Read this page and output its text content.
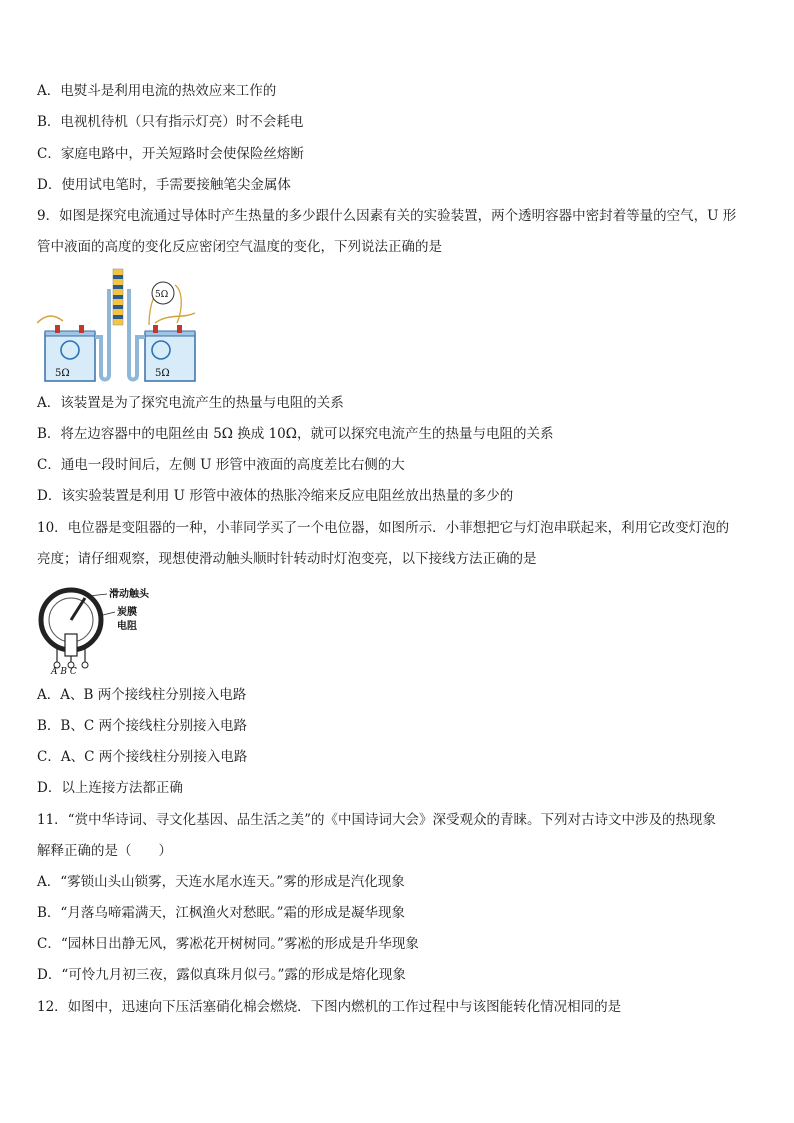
A．电熨斗是利用电流的热效应来工作的
B．电视机待机（只有指示灯亮）时不会耗电
C．家庭电路中，开关短路时会使保险丝熔断
D．使用试电笔时，手需要接触笔尖金属体
9．如图是探究电流通过导体时产生热量的多少跟什么因素有关的实验装置，两个透明容器中密封着等量的空气，U 形
管中液面的高度的变化反应密闭空气温度的变化，下列说法正确的是
5Ω	5Ω
5Ω
A．该装置是为了探究电流产生的热量与电阻的关系
B．将左边容器中的电阻丝由 5Ω 换成 10Ω，就可以探究电流产生的热量与电阻的关系
C．通电一段时间后，左侧 U 形管中液面的高度差比右侧的大
D．该实验装置是利用 U 形管中液体的热胀冷缩来反应电阻丝放出热量的多少的
10．电位器是变阻器的一种，小菲同学买了一个电位器，如图所示．小菲想把它与灯泡串联起来，利用它改变灯泡的
亮度；请仔细观察，现想使滑动触头顺时针转动时灯泡变亮，以下接线方法正确的是
滑动触头
炭膜
电阻
A B C
A．A、B 两个接线柱分别接入电路
B．B、C 两个接线柱分别接入电路
C．A、C 两个接线柱分别接入电路
D．以上连接方法都正确
11．“赏中华诗词、寻文化基因、品生活之美”的《中国诗词大会》深受观众的青睐。下列对古诗文中涉及的热现象
解释正确的是（　　）
A．“雾锁山头山锁雾，天连水尾水连天。”雾的形成是汽化现象
B．“月落乌啼霜满天，江枫渔火对愁眠。”霜的形成是凝华现象
C．“园林日出静无风，雾凇花开树树同。”雾凇的形成是升华现象
D．“可怜九月初三夜，露似真珠月似弓。”露的形成是熔化现象
12．如图中，迅速向下压活塞硝化棉会燃烧．下图内燃机的工作过程中与该图能转化情况相同的是
